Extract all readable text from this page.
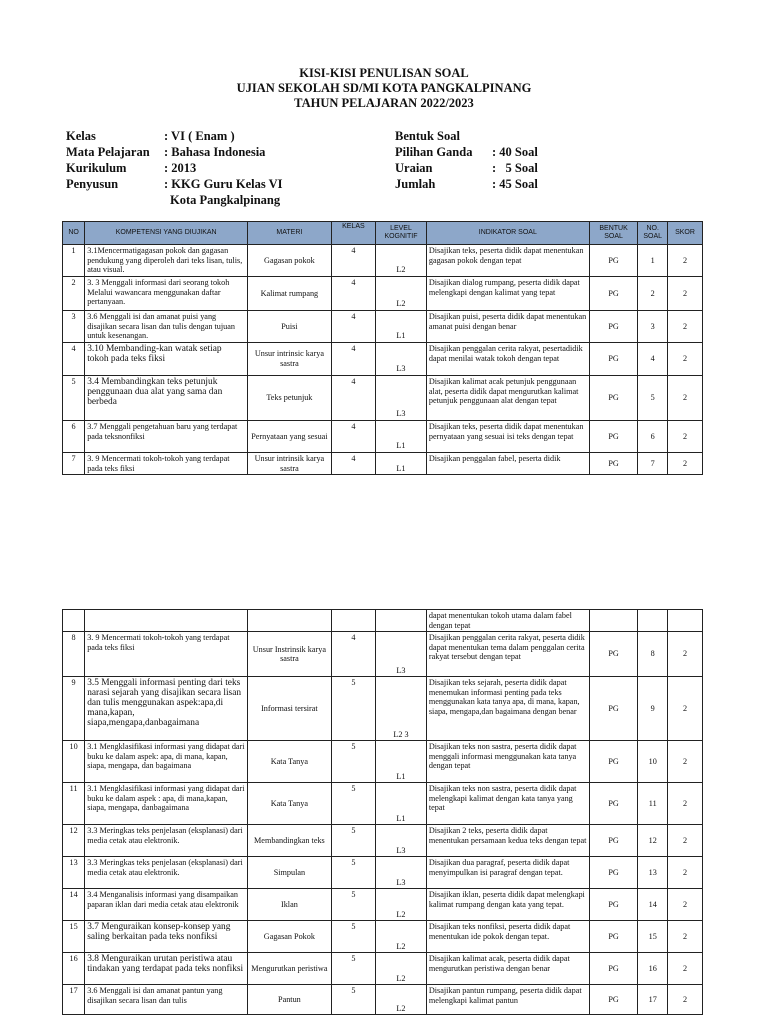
KISI-KISI PENULISAN SOAL
UJIAN SEKOLAH SD/MI KOTA PANGKALPINANG
TAHUN PELAJARAN 2022/2023
Kelas	: VI ( Enam )
Mata Pelajaran : Bahasa Indonesia
Kurikulum	: 2013
Penyusun	: KKG Guru Kelas VI
Kota Pangkalpinang
Bentuk Soal
Pilihan Ganda : 40 Soal
Uraian	:   5 Soal
Jumlah	: 45 Soal
NO	KOMPETENSI YANG DIUJIKAN	MATERI	KELAS	LEVEL KOGNITIF	INDIKATOR SOAL	BENTUK SOAL	NO. SOAL	SKOR
1	3.1Mencermatigagasan pokok dan gagasan pendukung yang diperoleh dari teks lisan, tulis, atau visual.	Gagasan pokok	4	L2	Disajikan teks, peserta didik dapat menentukan gagasan pokok dengan tepat	PG	1	2
2	3. 3 Menggali informasi dari seorang tokoh Melalui wawancara menggunakan daftar pertanyaan.	Kalimat rumpang	4	L2	Disajikan dialog rumpang, peserta didik dapat melengkapi dengan kalimat yang tepat	PG	2	2
3	3.6 Menggali isi dan amanat puisi yang disajikan secara lisan dan tulis dengan tujuan untuk kesenangan.	Puisi	4	L1	Disajikan puisi, peserta didik dapat menentukan amanat puisi dengan benar	PG	3	2
4	3.10 Membanding-kan watak setiap tokoh pada teks fiksi	Unsur intrinsic karya sastra	4	L3	Disajikan penggalan cerita rakyat, pesertadidik dapat menilai watak tokoh dengan tepat	PG	4	2
5	3.4 Membandingkan teks petunjuk penggunaan dua alat yang sama dan berbeda	Teks petunjuk	4	L3	Disajikan kalimat acak petunjuk penggunaan alat, peserta didik dapat mengurutkan kalimat petunjuk penggunaan alat dengan tepat	PG	5	2
6	3.7 Menggali pengetahuan baru yang terdapat pada teksnonfiksi	Pernyataan yang sesuai	4	L1	Disajikan teks, peserta didik dapat menentukan pernyataan yang sesuai isi teks dengan tepat	PG	6	2
7	3. 9 Mencermati tokoh-tokoh yang terdapat pada teks fiksi	Unsur intrinsik karya sastra	4	L1	Disajikan penggalan fabel, peserta didik	PG	7	2
					dapat menentukan tokoh utama dalam fabel dengan tepat			
8	3. 9 Mencermati tokoh-tokoh yang terdapat pada teks fiksi	Unsur Instrinsik karya sastra	4	L3	Disajikan penggalan cerita rakyat, peserta didik dapat menentukan tema dalam penggalan cerita rakyat tersebut dengan tepat	PG	8	2
9	3.5 Menggali informasi penting dari teks narasi sejarah yang disajikan secara lisan dan tulis menggunakan aspek:apa,di mana,kapan, siapa,mengapa,danbagaimana	Informasi tersirat	5	L2 3	Disajikan teks sejarah, peserta didik dapat menemukan informasi penting pada teks menggunakan kata tanya apa, di mana, kapan, siapa, mengapa,dan bagaimana dengan benar	PG	9	2
10	3.1 Mengklasifikasi informasi yang didapat dari buku ke dalam aspek: apa, di mana, kapan, siapa, mengapa, dan bagaimana	Kata Tanya	5	L1	Disajikan teks non sastra, peserta didik dapat menggali informasi menggunakan kata tanya dengan tepat	PG	10	2
11	3.1 Mengklasifikasi informasi yang didapat dari buku ke dalam aspek : apa, di mana,kapan, siapa, mengapa, danbagaimana	Kata Tanya	5	L1	Disajikan teks non sastra, peserta didik dapat melengkapi kalimat dengan kata tanya yang tepat	PG	11	2
12	3.3 Meringkas teks penjelasan (eksplanasi) dari media cetak atau elektronik.	Membandingkan teks	5	L3	Disajikan 2 teks, peserta didik dapat menentukan persamaan kedua teks dengan tepat	PG	12	2
13	3.3 Meringkas teks penjelasan (eksplanasi) dari media cetak atau elektronik.	Simpulan	5	L3	Disajikan dua paragraf, peserta didik dapat menyimpulkan isi paragraf dengan tepat.	PG	13	2
14	3.4 Menganalisis informasi yang disampaikan paparan iklan dari media cetak atau elektronik	Iklan	5	L2	Disajikan iklan, peserta didik dapat melengkapi kalimat rumpang dengan kata yang tepat.	PG	14	2
15	3.7 Menguraikan konsep-konsep yang saling berkaitan pada teks nonfiksi	Gagasan Pokok	5	L2	Disajikan teks nonfiksi, peserta didik dapat menentukan ide pokok dengan tepat.	PG	15	2
16	3.8 Menguraikan urutan peristiwa atau tindakan yang terdapat pada teks nonfiksi	Mengurutkan peristiwa	5	L2	Disajikan kalimat acak, peserta didik dapat mengurutkan peristiwa dengan benar	PG	16	2
17	3.6 Menggali isi dan amanat pantun yang disajikan secara lisan dan tulis	Pantun	5	L2	Disajikan pantun rumpang, peserta didik dapat melengkapi kalimat pantun	PG	17	2
